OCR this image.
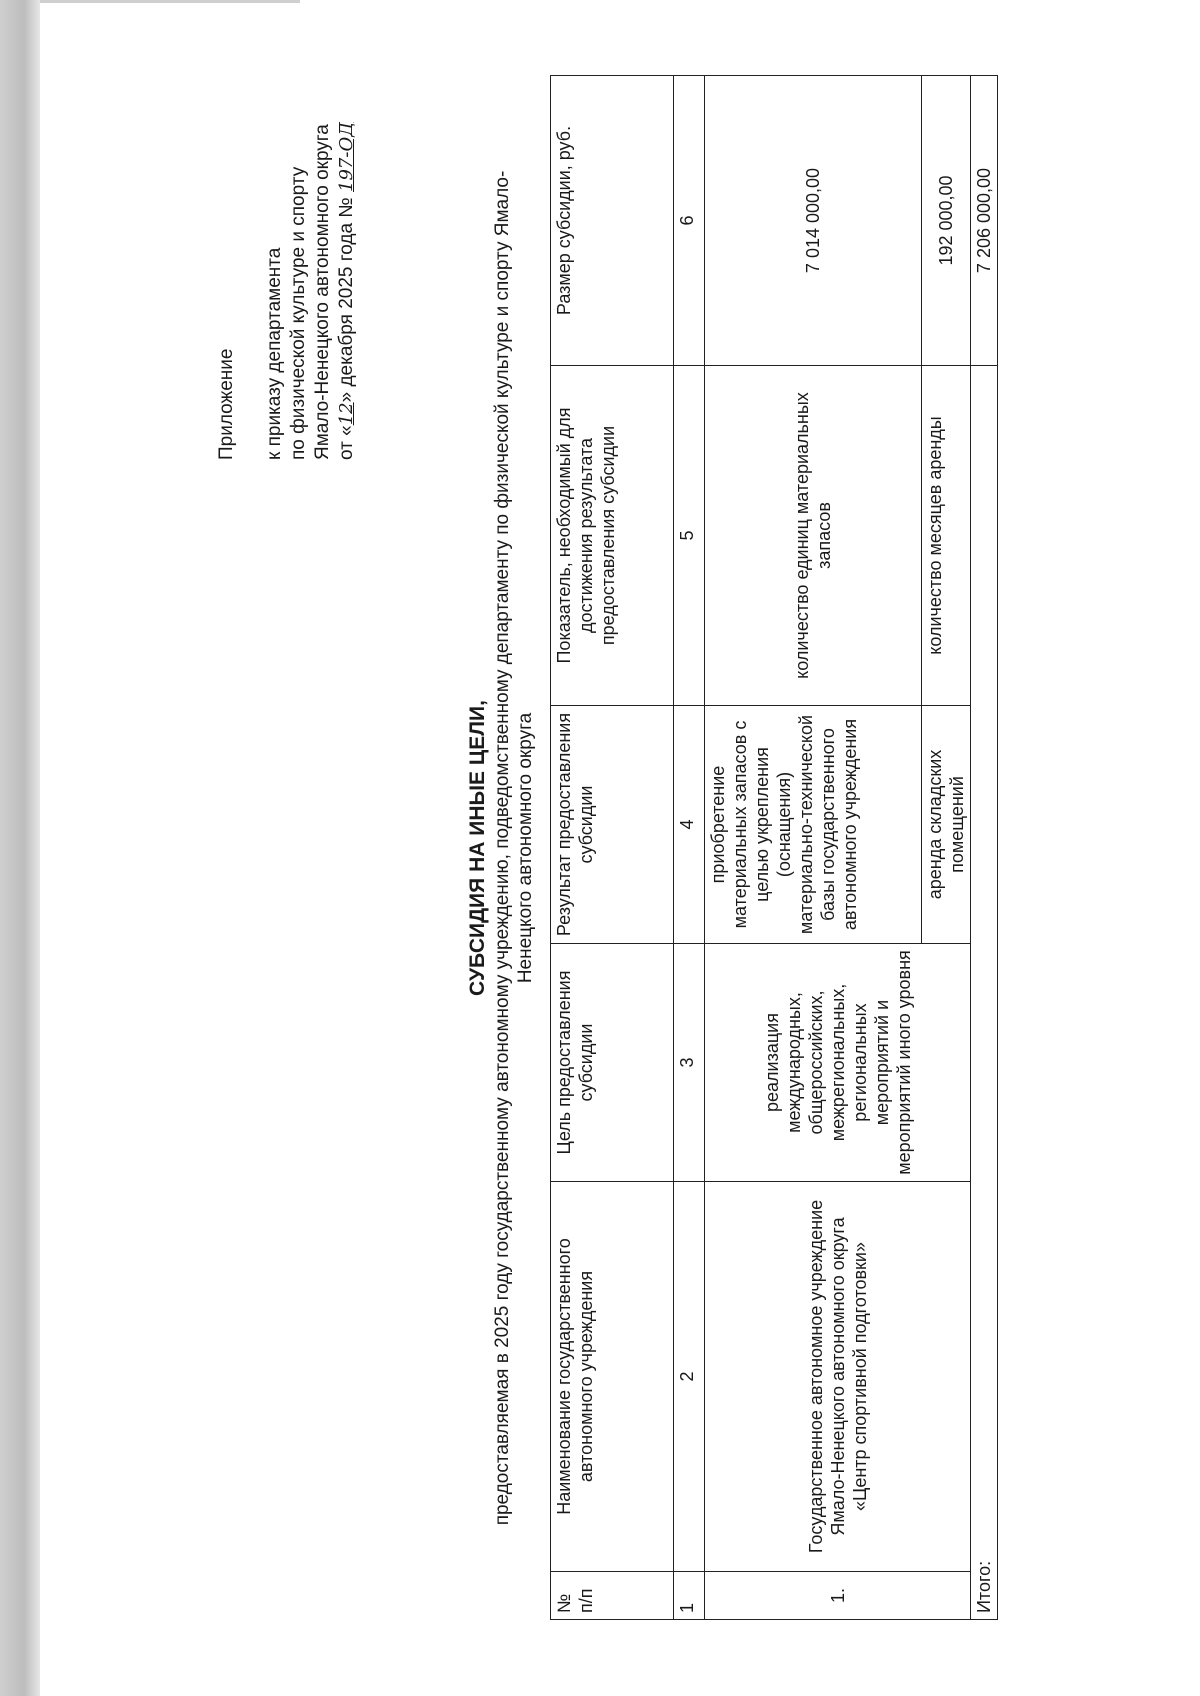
Приложение к приказу департамента по физической культуре и спорту Ямало-Ненецкого автономного округа от «12» декабря 2025 года № 197-ОД
СУБСИДИЯ НА ИНЫЕ ЦЕЛИ, предоставляемая в 2025 году государственному автономному учреждению, подведомственному департаменту по физической культуре и спорту Ямало-Ненецкого автономного округа
№ п/п	Наименование государственного автономного учреждения	Цель предоставления субсидии	Результат предоставления субсидии	Показатель, необходимый для достижения результата предоставления субсидии	Размер субсидии, руб.
1	2	3	4	5	6
1.	Государственное автономное учреждение Ямало-Ненецкого автономного округа «Центр спортивной подготовки»	реализация международных, общероссийских, межрегиональных, региональных мероприятий и мероприятий иного уровня	приобретение материальных запасов с целью укрепления (оснащения) материально-технической базы государственного автономного учреждения	количество единиц материальных запасов	7 014 000,00
			аренда складских помещений	количество месяцев аренды	192 000,00
Итого:					7 206 000,00
